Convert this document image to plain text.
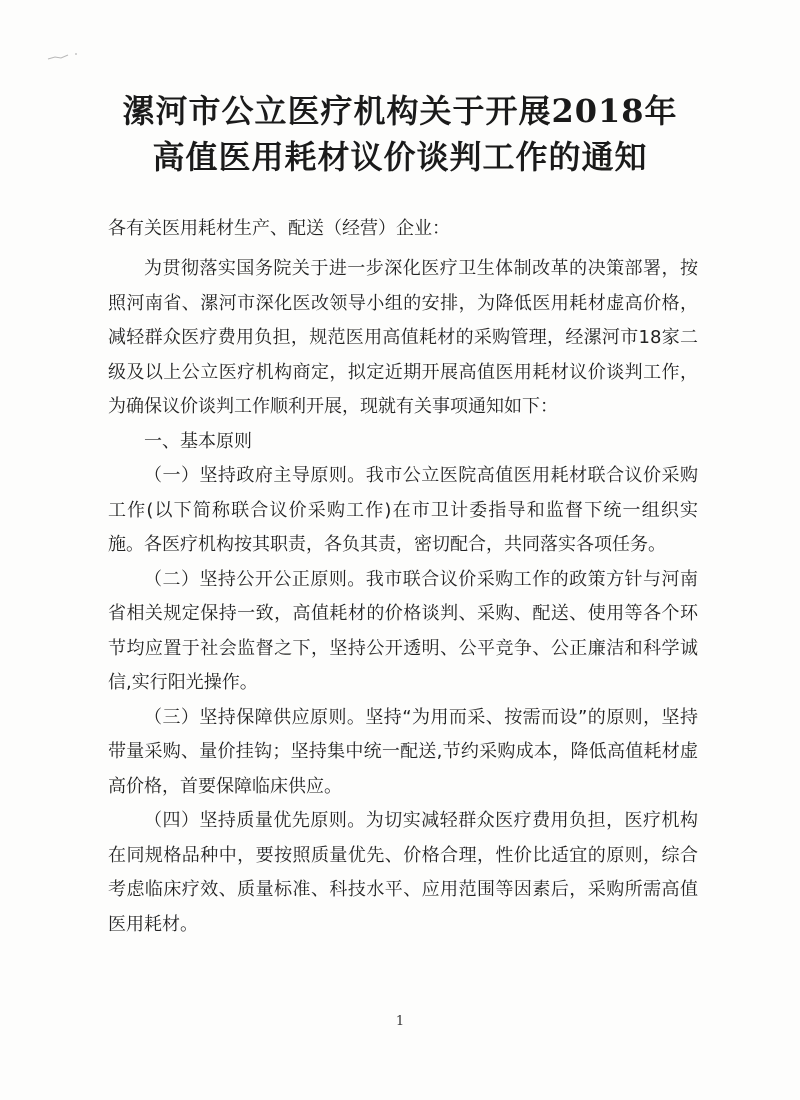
漯河市公立医疗机构关于开展2018年
高值医用耗材议价谈判工作的通知
各有关医用耗材生产、配送（经营）企业：

为贯彻落实国务院关于进一步深化医疗卫生体制改革的决策部署，按照河南省、漯河市深化医改领导小组的安排，为降低医用耗材虚高价格，减轻群众医疗费用负担，规范医用高值耗材的采购管理，经漯河市18家二级及以上公立医疗机构商定，拟定近期开展高值医用耗材议价谈判工作，为确保议价谈判工作顺利开展，现就有关事项通知如下：

一、基本原则

（一）坚持政府主导原则。我市公立医院高值医用耗材联合议价采购工作(以下简称联合议价采购工作)在市卫计委指导和监督下统一组织实施。各医疗机构按其职责，各负其责，密切配合，共同落实各项任务。

（二）坚持公开公正原则。我市联合议价采购工作的政策方针与河南省相关规定保持一致，高值耗材的价格谈判、采购、配送、使用等各个环节均应置于社会监督之下，坚持公开透明、公平竞争、公正廉洁和科学诚信,实行阳光操作。

（三）坚持保障供应原则。坚持“为用而采、按需而设”的原则，坚持带量采购、量价挂钩；坚持集中统一配送,节约采购成本，降低高值耗材虚高价格，首要保障临床供应。

（四）坚持质量优先原则。为切实减轻群众医疗费用负担，医疗机构在同规格品种中，要按照质量优先、价格合理，性价比适宜的原则，综合考虑临床疗效、质量标准、科技水平、应用范围等因素后，采购所需高值医用耗材。

1
